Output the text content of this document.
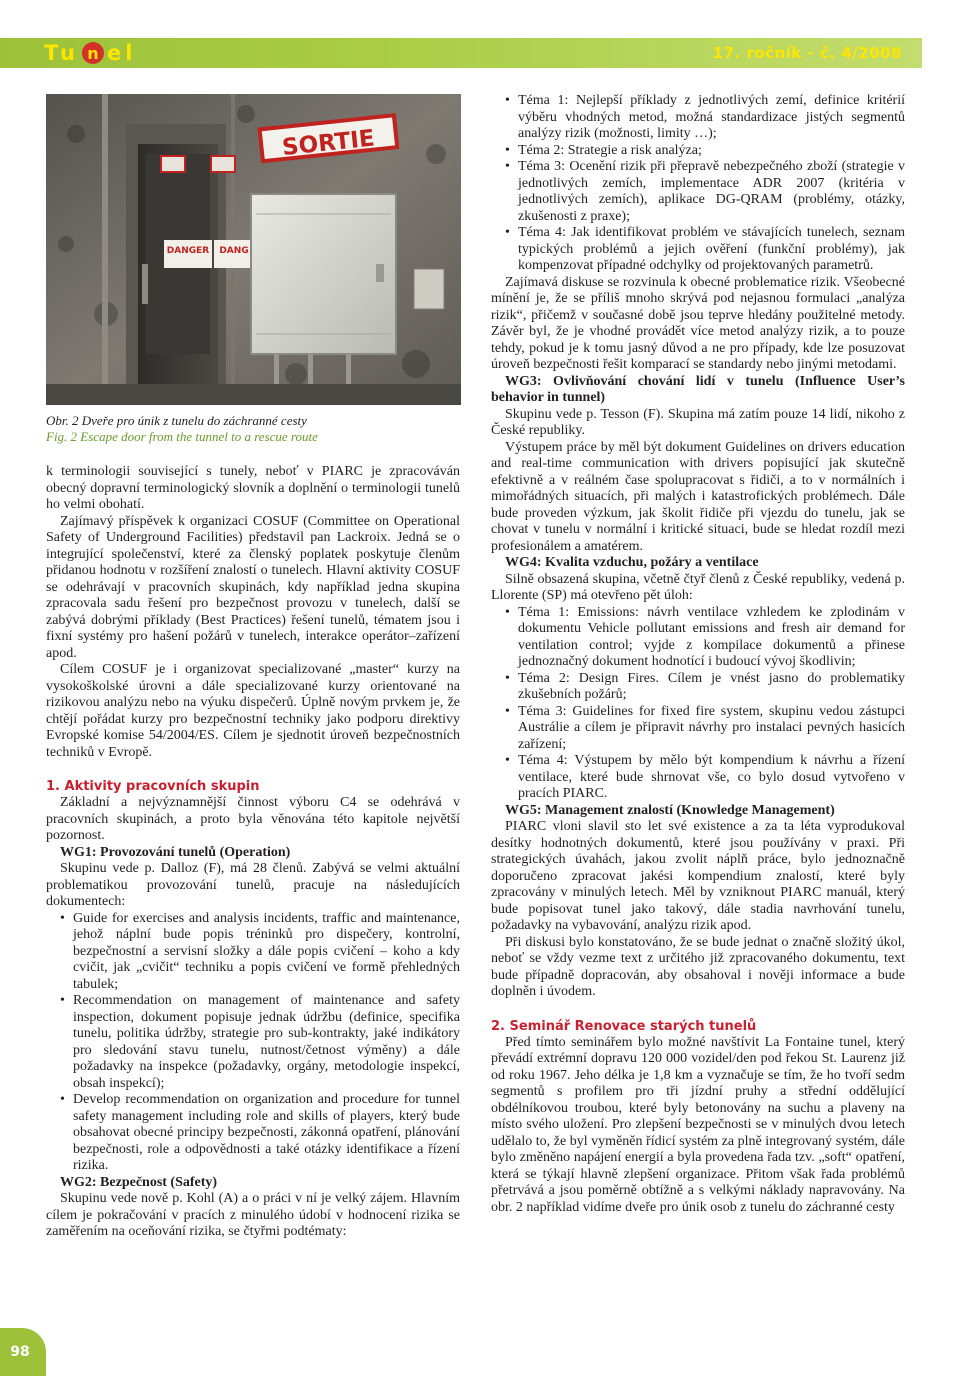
Tu n el	17. ročník - č. 4/2008
SORTIE
DANGER DANG
Obr. 2 Dveře pro únik z tunelu do záchranné cesty
Fig. 2 Escape door from the tunnel to a rescue route

k terminologii související s tunely, neboť v PIARC je zpracováván obecný dopravní terminologický slovník a doplnění o terminologii tunelů ho velmi obohatí.

Zajímavý příspěvek k organizaci COSUF (Committee on Operational Safety of Underground Facilities) představil pan Lackroix. Jedná se o integrující společenství, které za členský poplatek poskytuje členům přidanou hodnotu v rozšíření znalostí o tunelech. Hlavní aktivity COSUF se odehrávají v pracovních skupinách, kdy například jedna skupina zpracovala sadu řešení pro bezpečnost provozu v tunelech, další se zabývá dobrými příklady (Best Practices) řešení tunelů, tématem jsou i fixní systémy pro hašení požárů v tunelech, interakce operátor–zařízení apod.

Cílem COSUF je i organizovat specializované „master“ kurzy na vysokoškolské úrovni a dále specializované kurzy orientované na rizikovou analýzu nebo na výuku dispečerů. Úplně novým prvkem je, že chtějí pořádat kurzy pro bezpečnostní techniky jako podporu direktivy Evropské komise 54/2004/ES. Cílem je sjednotit úroveň bezpečnostních techniků v Evropě.

1. Aktivity pracovních skupin

Základní a nejvýznamnější činnost výboru C4 se odehrává v pracovních skupinách, a proto byla věnována této kapitole největší pozornost.

WG1: Provozování tunelů (Operation)

Skupinu vede p. Dalloz (F), má 28 členů. Zabývá se velmi aktuální problematikou provozování tunelů, pracuje na následujících dokumentech:

• Guide for exercises and analysis incidents, traffic and maintenance, jehož náplní bude popis tréninků pro dispečery, kontrolní, bezpečnostní a servisní složky a dále popis cvičení – koho a kdy cvičit, jak „cvičit“ techniku a popis cvičení ve formě přehledných tabulek;
• Recommendation on management of maintenance and safety inspection, dokument popisuje jednak údržbu (definice, specifika tunelu, politika údržby, strategie pro sub-kontrakty, jaké indikátory pro sledování stavu tunelu, nutnost/četnost výměny) a dále požadavky na inspekce (požadavky, orgány, metodologie inspekcí, obsah inspekcí);
• Develop recommendation on organization and procedure for tunnel safety management including role and skills of players, který bude obsahovat obecné principy bezpečnosti, zákonná opatření, plánování bezpečnosti, role a odpovědnosti a také otázky identifikace a řízení rizika.
WG2: Bezpečnost (Safety)

Skupinu vede nově p. Kohl (A) a o práci v ní je velký zájem. Hlavním cílem je pokračování v pracích z minulého údobí v hodnocení rizika se zaměřením na oceňování rizika, se čtyřmi podtématy:

• Téma 1: Nejlepší příklady z jednotlivých zemí, definice kritérií výběru vhodných metod, možná standardizace jistých segmentů analýzy rizik (možnosti, limity …);
• Téma 2: Strategie a risk analýza;
• Téma 3: Ocenění rizik při přepravě nebezpečného zboží (strategie v jednotlivých zemích, implementace ADR 2007 (kritéria v jednotlivých zemích), aplikace DG-QRAM (problémy, otázky, zkušenosti z praxe);
• Téma 4: Jak identifikovat problém ve stávajících tunelech, seznam typických problémů a jejich ověření (funkční problémy), jak kompenzovat případné odchylky od projektovaných parametrů.

Zajímavá diskuse se rozvinula k obecné problematice rizik. Všeobecné mínění je, že se příliš mnoho skrývá pod nejasnou formulaci „analýza rizik“, přičemž v současné době jsou teprve hledány použitelné metody. Závěr byl, že je vhodné provádět více metod analýzy rizik, a to pouze tehdy, pokud je k tomu jasný důvod a ne pro případy, kde lze posuzovat úroveň bezpečnosti řešit komparací se standardy nebo jinými metodami.

WG3: Ovlivňování chování lidí v tunelu (Influence User’s behavior in tunnel)

Skupinu vede p. Tesson (F). Skupina má zatím pouze 14 lidí, nikoho z České republiky.

Výstupem práce by měl být dokument Guidelines on drivers education and real-time communication with drivers popisující jak skutečně efektivně a v reálném čase spolupracovat s řidiči, a to v normálních i mimořádných situacích, při malých i katastrofických problémech. Dále bude proveden výzkum, jak školit řidiče při vjezdu do tunelu, jak se chovat v tunelu v normální i kritické situaci, bude se hledat rozdíl mezi profesionálem a amatérem.

WG4: Kvalita vzduchu, požáry a ventilace

Silně obsazená skupina, včetně čtyř členů z České republiky, vedená p. Llorente (SP) má otevřeno pět úloh:

• Téma 1: Emissions: návrh ventilace vzhledem ke zplodinám v dokumentu Vehicle pollutant emissions and fresh air demand for ventilation control; vyjde z kompilace dokumentů a přinese jednoznačný dokument hodnotící i budoucí vývoj škodlivin;
• Téma 2: Design Fires. Cílem je vnést jasno do problematiky zkušebních požárů;
• Téma 3: Guidelines for fixed fire system, skupinu vedou zástupci Austrálie a cílem je připravit návrhy pro instalaci pevných hasicích zařízení;
• Téma 4: Výstupem by mělo být kompendium k návrhu a řízení ventilace, které bude shrnovat vše, co bylo dosud vytvořeno v pracích PIARC.
WG5: Management znalostí (Knowledge Management)

PIARC vloni slavil sto let své existence a za ta léta vyprodukoval desítky hodnotných dokumentů, které jsou používány v praxi. Při strategických úvahách, jakou zvolit náplň práce, bylo jednoznačně doporučeno zpracovat jakési kompendium znalostí, které byly zpracovány v minulých letech. Měl by vzniknout PIARC manuál, který bude popisovat tunel jako takový, dále stadia navrhování tunelu, požadavky na vybavování, analýzu rizik apod.

Při diskusi bylo konstatováno, že se bude jednat o značně složitý úkol, neboť se vždy vezme text z určitého již zpracovaného dokumentu, text bude případně dopracován, aby obsahoval i nověji informace a bude doplněn i úvodem.

2. Seminář Renovace starých tunelů

Před tímto seminářem bylo možné navštívit La Fontaine tunel, který převádí extrémní dopravu 120 000 vozidel/den pod řekou St. Laurenz již od roku 1967. Jeho délka je 1,8 km a vyznačuje se tím, že ho tvoří sedm segmentů s profilem pro tři jízdní pruhy a střední oddělující obdélníkovou troubou, které byly betonovány na suchu a plaveny na místo svého uložení. Pro zlepšení bezpečnosti se v minulých dvou letech udělalo to, že byl vyměněn řídicí systém za plně integrovaný systém, dále bylo změněno napájení energií a byla provedena řada tzv. „soft“ opatření, která se týkají hlavně zlepšení organizace. Přitom však řada problémů přetrvává a jsou poměrně obtížně a s velkými náklady napravovány. Na obr. 2 například vidíme dveře pro únik osob z tunelu do záchranné cesty

98
